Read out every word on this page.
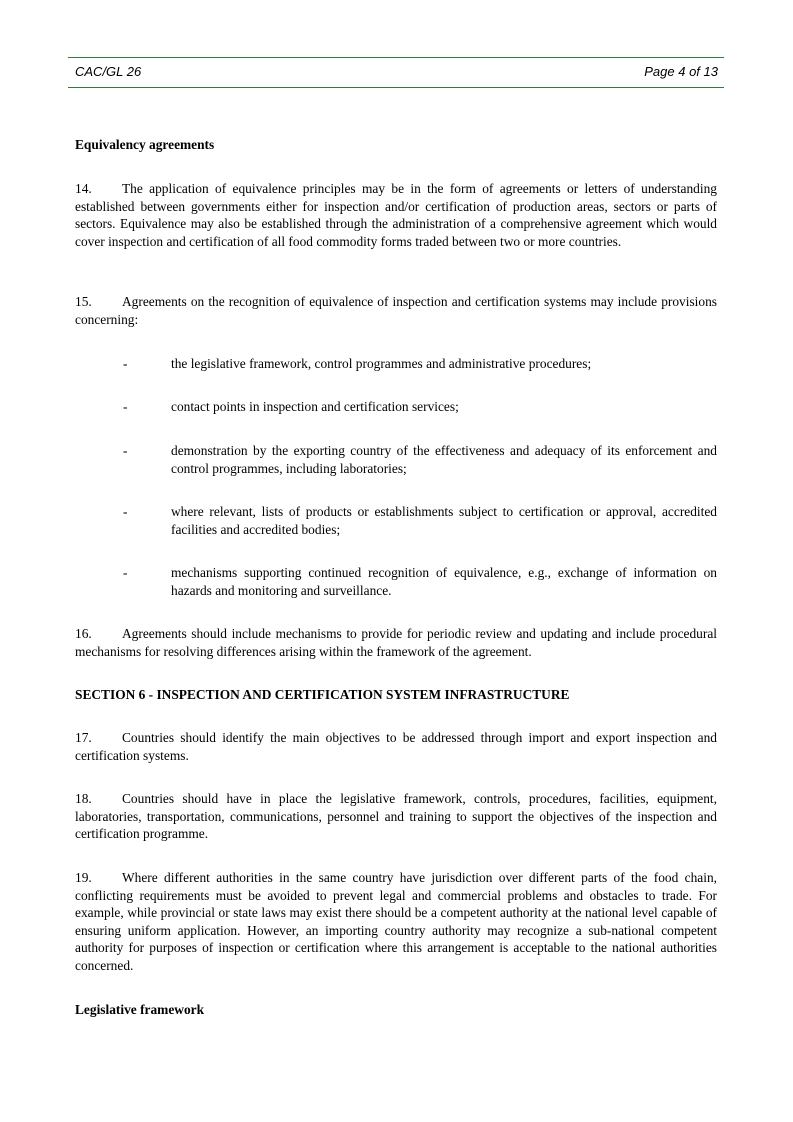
CAC/GL 26	Page 4 of 13

Equivalency agreements

14. The application of equivalence principles may be in the form of agreements or letters of understanding established between governments either for inspection and/or certification of production areas, sectors or parts of sectors. Equivalence may also be established through the administration of a comprehensive agreement which would cover inspection and certification of all food commodity forms traded between two or more countries.

15. Agreements on the recognition of equivalence of inspection and certification systems may include provisions concerning:

-	the legislative framework, control programmes and administrative procedures;
-	contact points in inspection and certification services;
-	demonstration by the exporting country of the effectiveness and adequacy of its enforcement and control programmes, including laboratories;
-	where relevant, lists of products or establishments subject to certification or approval, accredited facilities and accredited bodies;
-	mechanisms supporting continued recognition of equivalence, e.g., exchange of information on hazards and monitoring and surveillance.

16. Agreements should include mechanisms to provide for periodic review and updating and include procedural mechanisms for resolving differences arising within the framework of the agreement.

SECTION 6 - INSPECTION AND CERTIFICATION SYSTEM INFRASTRUCTURE

17. Countries should identify the main objectives to be addressed through import and export inspection and certification systems.

18. Countries should have in place the legislative framework, controls, procedures, facilities, equipment, laboratories, transportation, communications, personnel and training to support the objectives of the inspection and certification programme.

19. Where different authorities in the same country have jurisdiction over different parts of the food chain, conflicting requirements must be avoided to prevent legal and commercial problems and obstacles to trade. For example, while provincial or state laws may exist there should be a competent authority at the national level capable of ensuring uniform application. However, an importing country authority may recognize a sub-national competent authority for purposes of inspection or certification where this arrangement is acceptable to the national authorities concerned.

Legislative framework
